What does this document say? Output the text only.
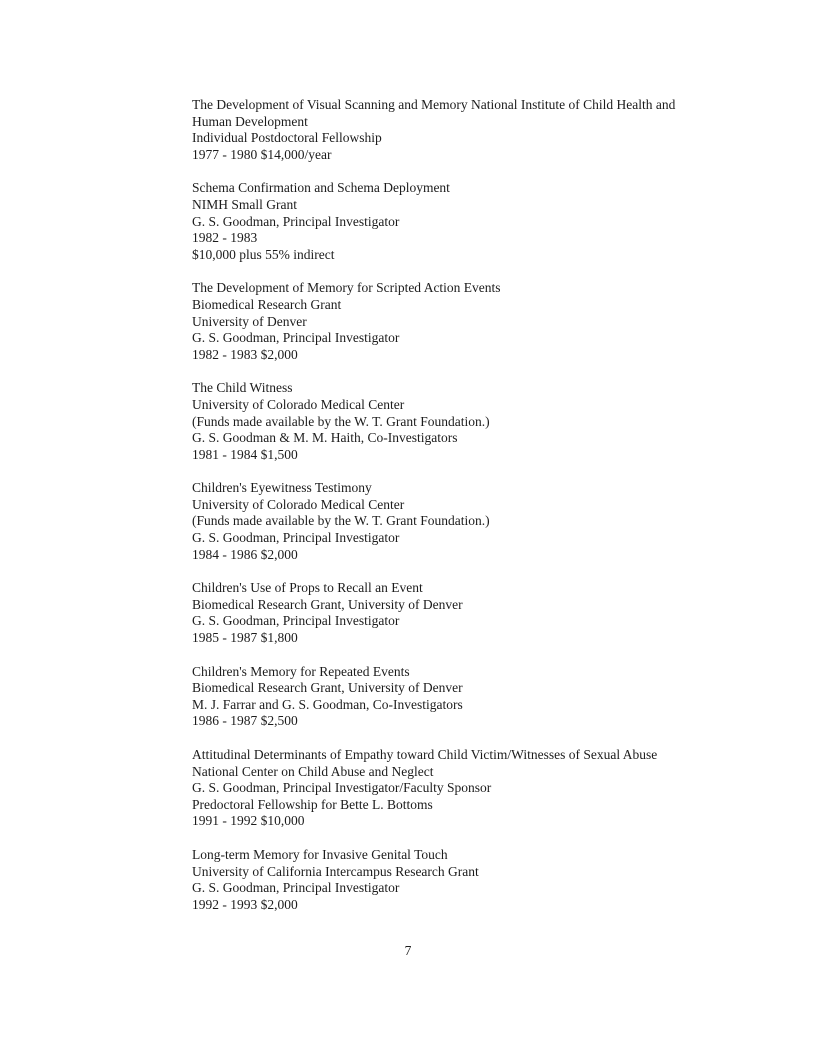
The Development of Visual Scanning and Memory National Institute of Child Health and Human Development
Individual Postdoctoral Fellowship
1977 - 1980 $14,000/year
Schema Confirmation and Schema Deployment
NIMH Small Grant
G. S. Goodman, Principal Investigator
1982 - 1983
$10,000 plus 55% indirect
The Development of Memory for Scripted Action Events
Biomedical Research Grant
University of Denver
G. S. Goodman, Principal Investigator
1982 - 1983 $2,000
The Child Witness
University of Colorado Medical Center
(Funds made available by the W. T. Grant Foundation.)
G. S. Goodman & M. M. Haith, Co-Investigators
1981 - 1984 $1,500
Children's Eyewitness Testimony
University of Colorado Medical Center
(Funds made available by the W. T. Grant Foundation.)
G. S. Goodman, Principal Investigator
1984 - 1986 $2,000
Children's Use of Props to Recall an Event
Biomedical Research Grant, University of Denver
G. S. Goodman, Principal Investigator
1985 - 1987 $1,800
Children's Memory for Repeated Events
Biomedical Research Grant, University of Denver
M. J. Farrar and G. S. Goodman, Co-Investigators
1986 - 1987 $2,500
Attitudinal Determinants of Empathy toward Child Victim/Witnesses of Sexual Abuse
National Center on Child Abuse and Neglect
G. S. Goodman, Principal Investigator/Faculty Sponsor
Predoctoral Fellowship for Bette L. Bottoms
1991 - 1992 $10,000
Long-term Memory for Invasive Genital Touch
University of California Intercampus Research Grant
G. S. Goodman, Principal Investigator
1992 - 1993 $2,000
7
